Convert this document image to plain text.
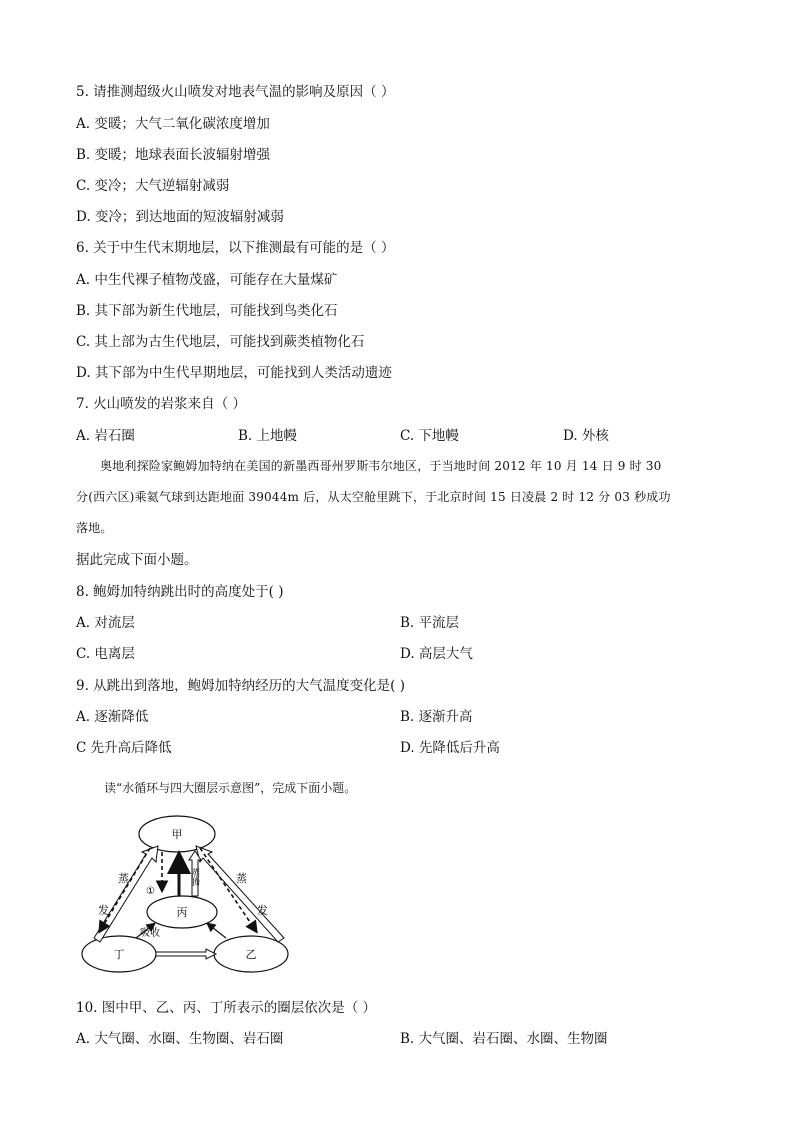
5. 请推测超级火山喷发对地表气温的影响及原因（ ）
A. 变暖；大气二氧化碳浓度增加
B. 变暖；地球表面长波辐射增强
C. 变冷；大气逆辐射减弱
D. 变冷；到达地面的短波辐射减弱
6. 关于中生代末期地层，以下推测最有可能的是（ ）
A. 中生代裸子植物茂盛，可能存在大量煤矿
B. 其下部为新生代地层，可能找到鸟类化石
C. 其上部为古生代地层，可能找到蕨类植物化石
D. 其下部为中生代早期地层，可能找到人类活动遗迹
7. 火山喷发的岩浆来自（ ）
A. 岩石圈	B. 上地幔	C. 下地幔	D. 外核
奥地利探险家鲍姆加特纳在美国的新墨西哥州罗斯韦尔地区，于当地时间 2012 年 10 月 14 日 9 时 30
分(西六区)乘氦气球到达距地面 39044m 后，从太空舱里跳下，于北京时间 15 日凌晨 2 时 12 分 03 秒成功
落地。
据此完成下面小题。
8. 鲍姆加特纳跳出时的高度处于( )
A. 对流层	B. 平流层
C. 电离层	D. 高层大气
9. 从跳出到落地，鲍姆加特纳经历的大气温度变化是( )
A. 逐渐降低	B. 逐渐升高
C 先升高后降低	D. 先降低后升高
读“水循环与四大圈层示意图”，完成下面小题。
甲
丙
丁	乙
蒸
发
蒸
发
蒸腾
①
吸收
10. 图中甲、乙、丙、丁所表示的圈层依次是（ ）
A. 大气圈、水圈、生物圈、岩石圈	B. 大气圈、岩石圈、水圈、生物圈
